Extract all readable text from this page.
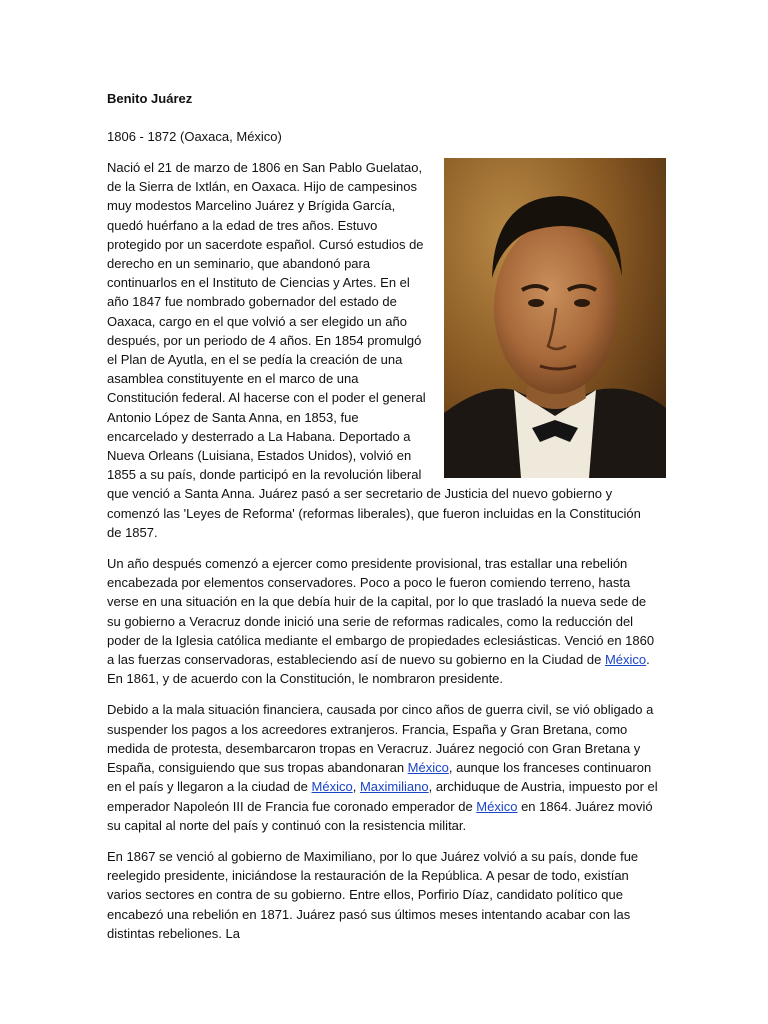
Benito Juárez
1806 - 1872 (Oaxaca, México)

Nació el 21 de marzo de 1806 en San Pablo Guelatao, de la Sierra de Ixtlán, en Oaxaca. Hijo de campesinos muy modestos Marcelino Juárez y Brígida García, quedó huérfano a la edad de tres años. Estuvo protegido por un sacerdote español. Cursó estudios de derecho en un seminario, que abandonó para continuarlos en el Instituto de Ciencias y Artes. En el año 1847 fue nombrado gobernador del estado de Oaxaca, cargo en el que volvió a ser elegido un año después, por un periodo de 4 años. En 1854 promulgó el Plan de Ayutla, en el se pedía la creación de una asamblea constituyente en el marco de una Constitución federal. Al hacerse con el poder el general Antonio López de Santa Anna, en 1853, fue encarcelado y desterrado a La Habana. Deportado a Nueva Orleans (Luisiana, Estados Unidos), volvió en 1855 a su país, donde participó en la revolución liberal que venció a Santa Anna. Juárez pasó a ser secretario de Justicia del nuevo gobierno y comenzó las 'Leyes de Reforma' (reformas liberales), que fueron incluidas en la Constitución de 1857.

Un año después comenzó a ejercer como presidente provisional, tras estallar una rebelión encabezada por elementos conservadores. Poco a poco le fueron comiendo terreno, hasta verse en una situación en la que debía huir de la capital, por lo que trasladó la nueva sede de su gobierno a Veracruz donde inició una serie de reformas radicales, como la reducción del poder de la Iglesia católica mediante el embargo de propiedades eclesiásticas. Venció en 1860 a las fuerzas conservadoras, estableciendo así de nuevo su gobierno en la Ciudad de México. En 1861, y de acuerdo con la Constitución, le nombraron presidente.

Debido a la mala situación financiera, causada por cinco años de guerra civil, se vió obligado a suspender los pagos a los acreedores extranjeros. Francia, España y Gran Bretana, como medida de protesta, desembarcaron tropas en Veracruz. Juárez negoció con Gran Bretana y España, consiguiendo que sus tropas abandonaran México, aunque los franceses continuaron en el país y llegaron a la ciudad de México, Maximiliano, archiduque de Austria, impuesto por el emperador Napoleón III de Francia fue coronado emperador de México en 1864. Juárez movió su capital al norte del país y continuó con la resistencia militar.

En 1867 se venció al gobierno de Maximiliano, por lo que Juárez volvió a su país, donde fue reelegido presidente, iniciándose la restauración de la República. A pesar de todo, existían varios sectores en contra de su gobierno. Entre ellos, Porfirio Díaz, candidato político que encabezó una rebelión en 1871. Juárez pasó sus últimos meses intentando acabar con las distintas rebeliones. La
